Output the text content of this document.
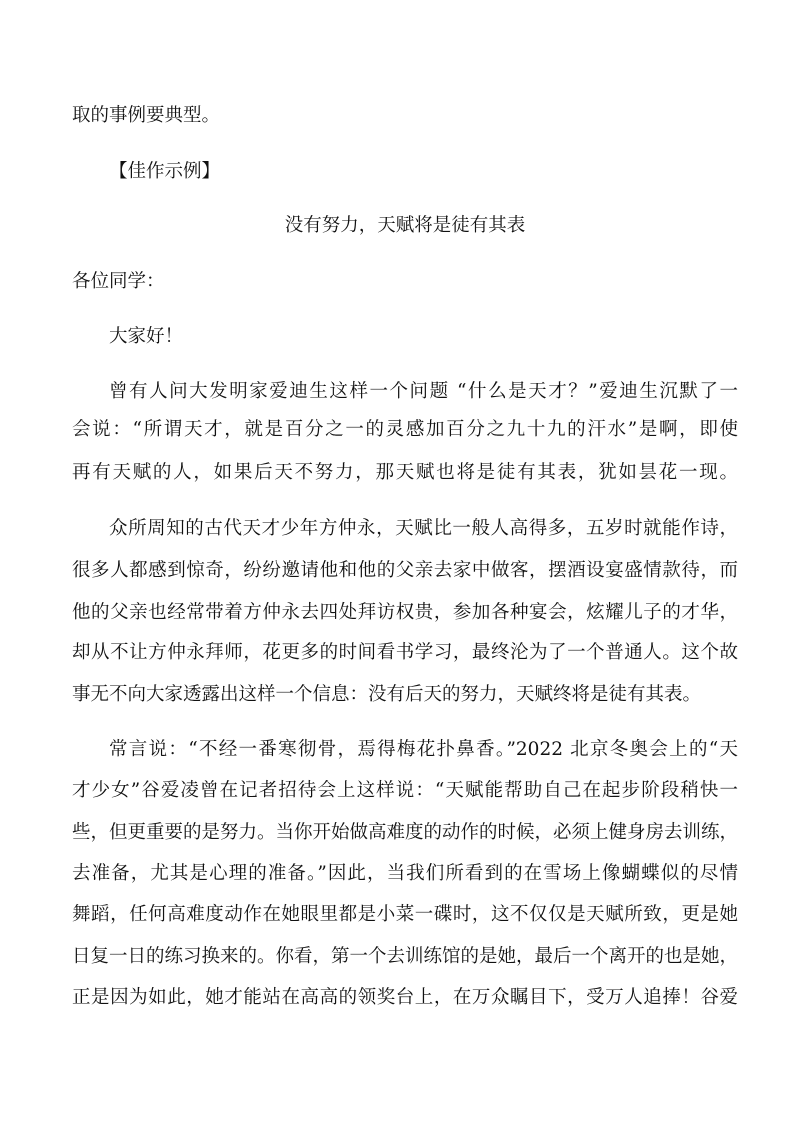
取的事例要典型。
【佳作示例】
没有努力，天赋将是徒有其表
各位同学：
大家好！
曾有人问大发明家爱迪生这样一个问题 “什么是天才？”爱迪生沉默了一
会说：“所谓天才，就是百分之一的灵感加百分之九十九的汗水”是啊，即使
再有天赋的人，如果后天不努力，那天赋也将是徒有其表，犹如昙花一现。
众所周知的古代天才少年方仲永，天赋比一般人高得多，五岁时就能作诗，
很多人都感到惊奇，纷纷邀请他和他的父亲去家中做客，摆酒设宴盛情款待，而
他的父亲也经常带着方仲永去四处拜访权贵，参加各种宴会，炫耀儿子的才华，
却从不让方仲永拜师，花更多的时间看书学习，最终沦为了一个普通人。这个故
事无不向大家透露出这样一个信息：没有后天的努力，天赋终将是徒有其表。
常言说：“不经一番寒彻骨，焉得梅花扑鼻香。”2022 北京冬奥会上的“天
才少女”谷爱凌曾在记者招待会上这样说：“天赋能帮助自己在起步阶段稍快一
些，但更重要的是努力。当你开始做高难度的动作的时候，必须上健身房去训练，
去准备，尤其是心理的准备。”因此，当我们所看到的在雪场上像蝴蝶似的尽情
舞蹈，任何高难度动作在她眼里都是小菜一碟时，这不仅仅是天赋所致，更是她
日复一日的练习换来的。你看，第一个去训练馆的是她，最后一个离开的也是她，
正是因为如此，她才能站在高高的领奖台上，在万众瞩目下，受万人追捧！谷爱
